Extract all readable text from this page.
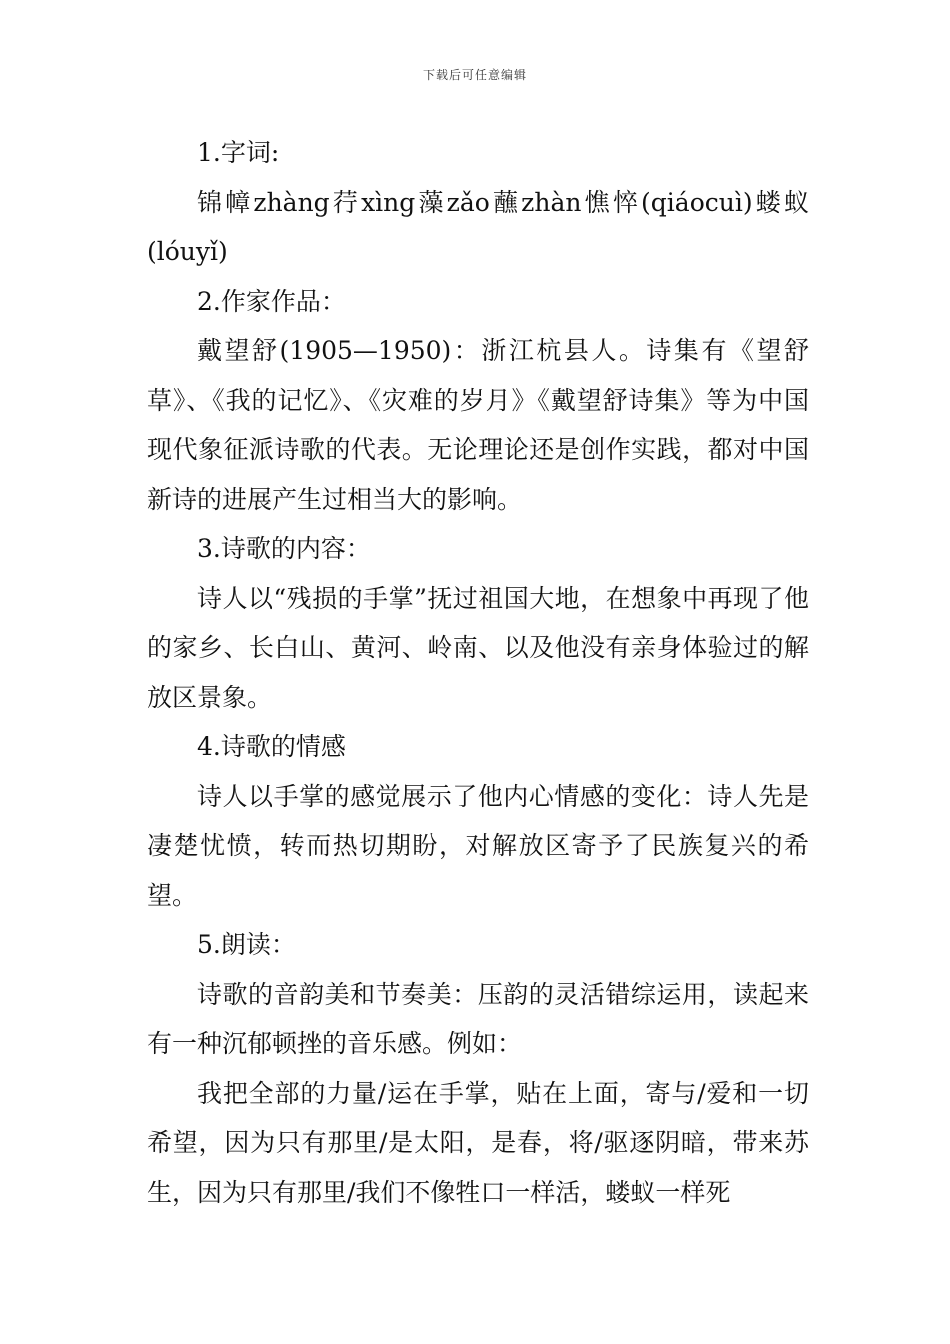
下载后可任意编辑

1.字词:

锦幛zhàng荇xìng藻zǎo蘸zhàn憔悴(qiáocuì)蝼蚁(lóuyǐ)

2.作家作品：

戴望舒(1905—1950)：浙江杭县人。诗集有《望舒草》、《我的记忆》、《灾难的岁月》《戴望舒诗集》等为中国现代象征派诗歌的代表。无论理论还是创作实践，都对中国新诗的进展产生过相当大的影响。

3.诗歌的内容：

诗人以“残损的手掌”抚过祖国大地，在想象中再现了他的家乡、长白山、黄河、岭南、以及他没有亲身体验过的解放区景象。

4.诗歌的情感

诗人以手掌的感觉展示了他内心情感的变化：诗人先是凄楚忧愤，转而热切期盼，对解放区寄予了民族复兴的希望。

5.朗读：

诗歌的音韵美和节奏美：压韵的灵活错综运用，读起来有一种沉郁顿挫的音乐感。例如：

我把全部的力量/运在手掌，贴在上面，寄与/爱和一切希望，因为只有那里/是太阳，是春，将/驱逐阴暗，带来苏生，因为只有那里/我们不像牲口一样活，蝼蚁一样死
